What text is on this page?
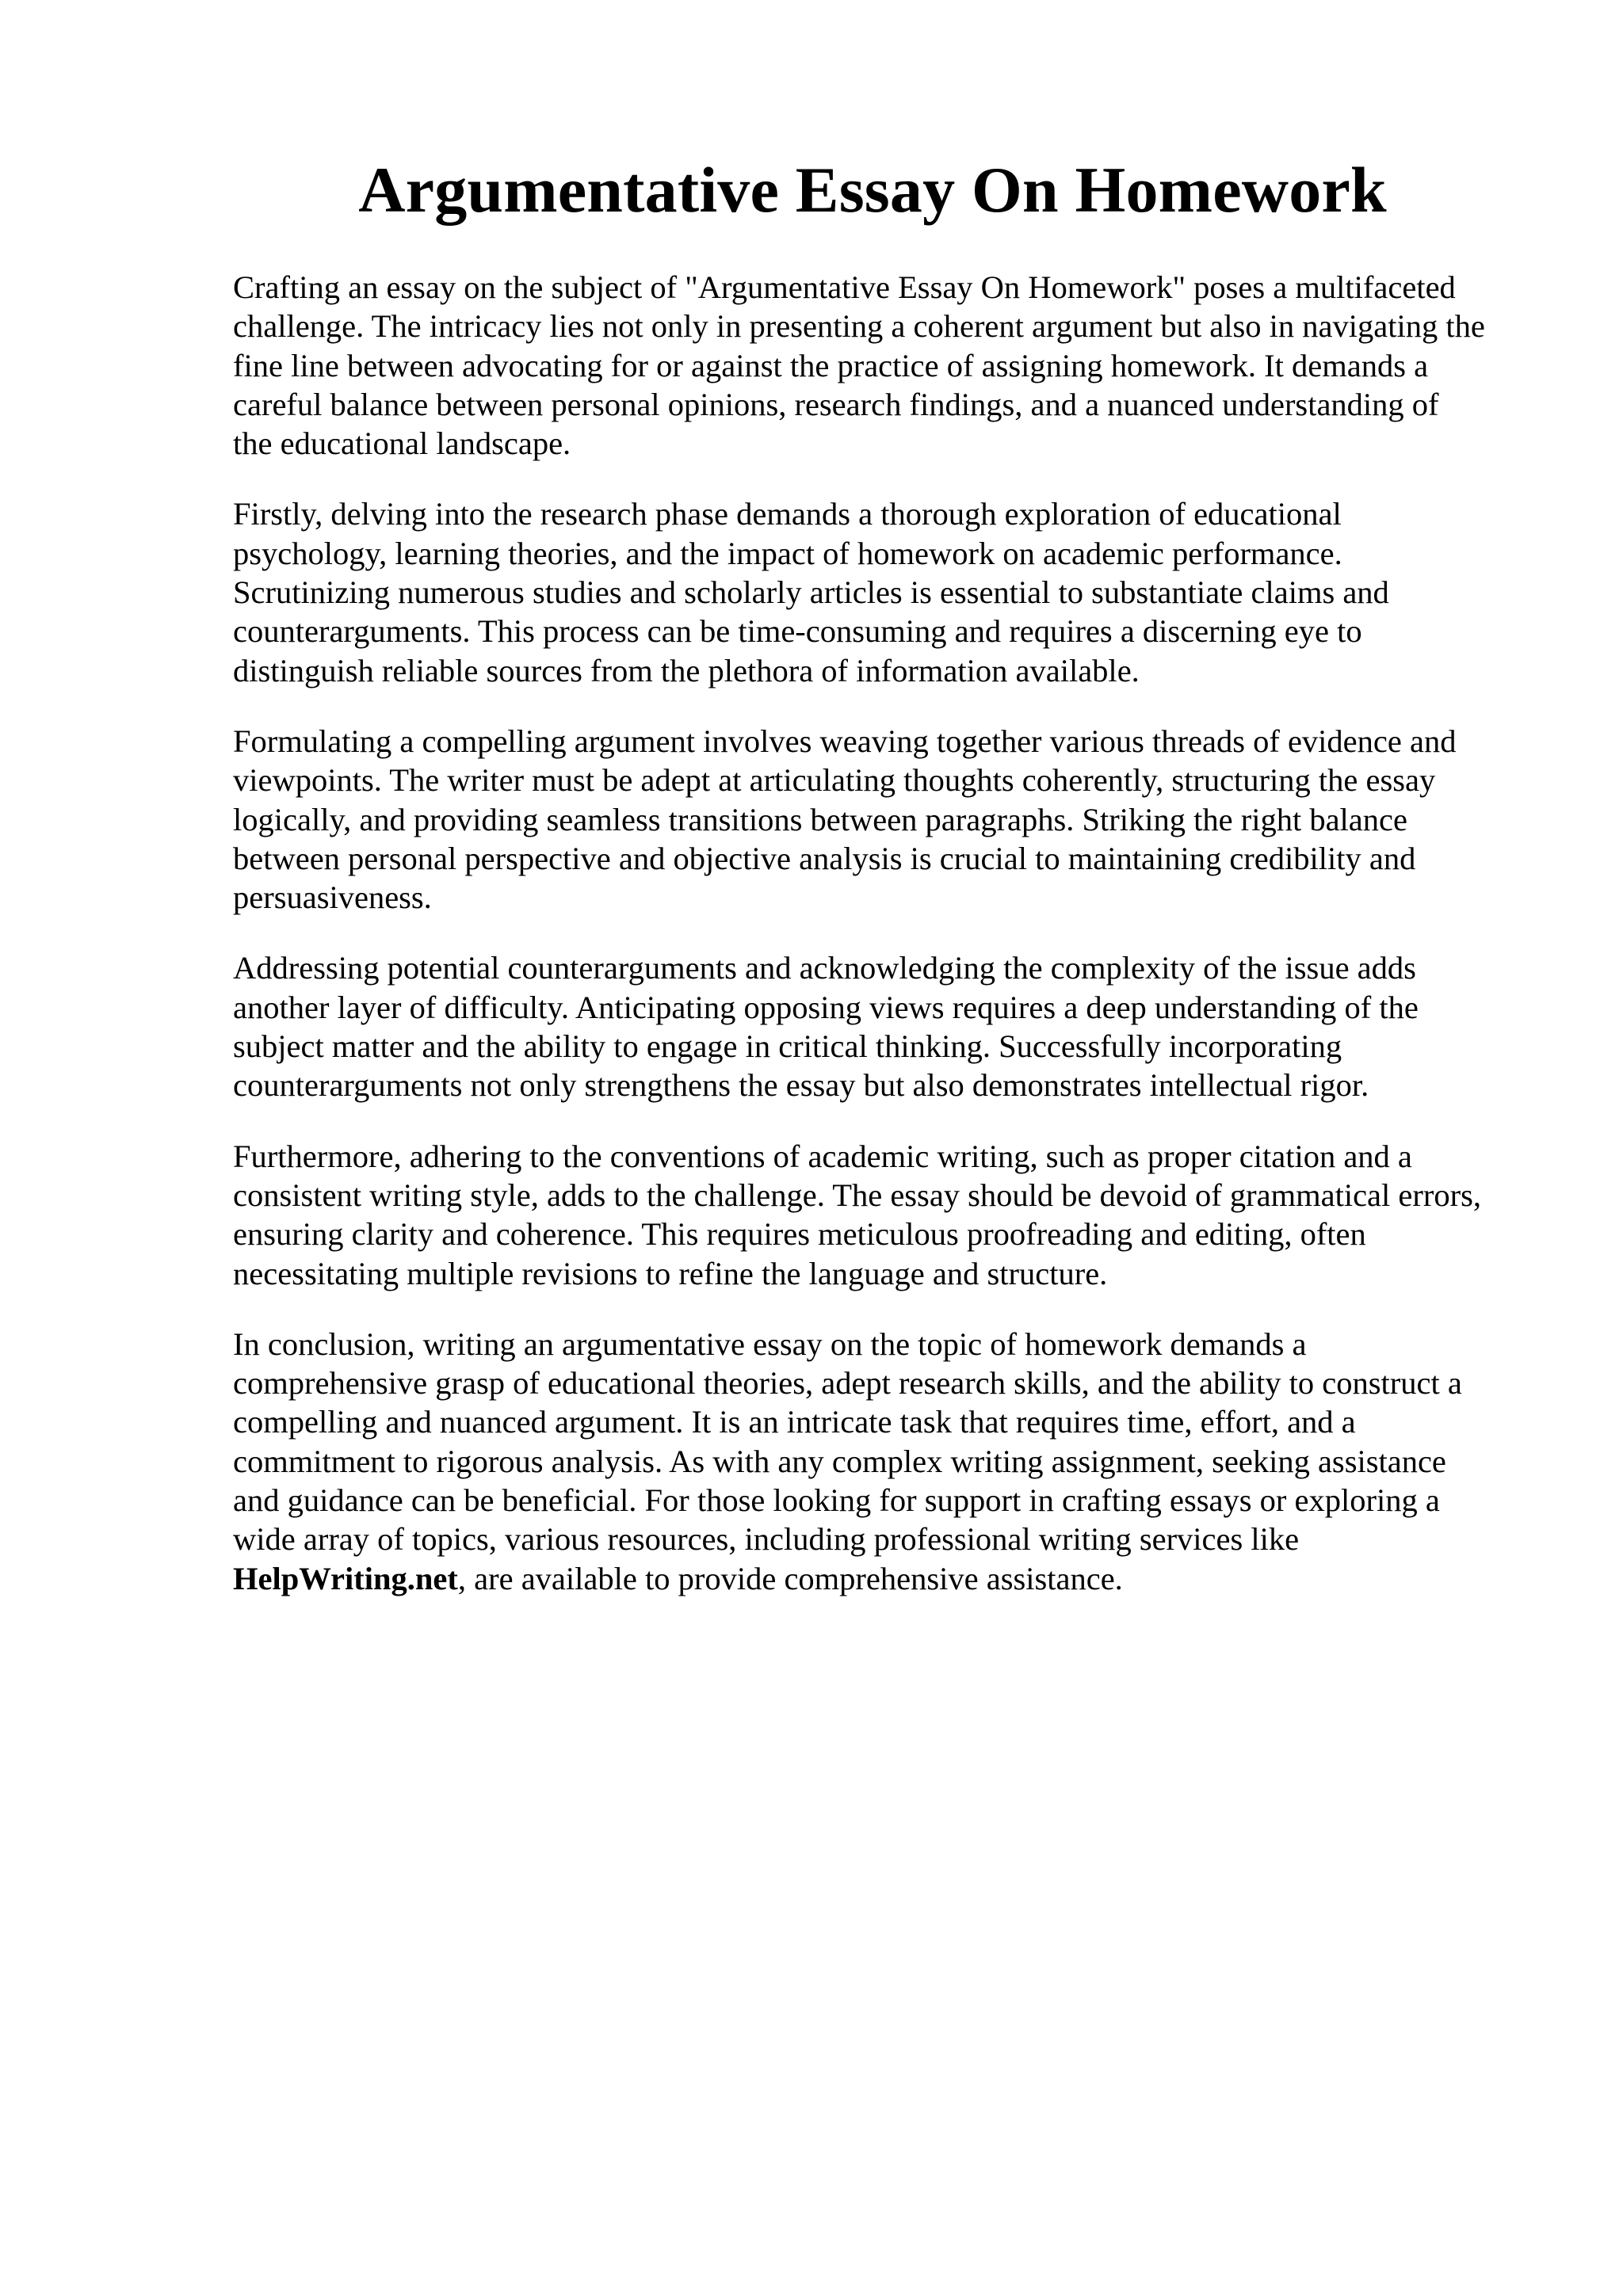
Argumentative Essay On Homework

Crafting an essay on the subject of "Argumentative Essay On Homework" poses a multifaceted
challenge. The intricacy lies not only in presenting a coherent argument but also in navigating the
fine line between advocating for or against the practice of assigning homework. It demands a
careful balance between personal opinions, research findings, and a nuanced understanding of
the educational landscape.

Firstly, delving into the research phase demands a thorough exploration of educational
psychology, learning theories, and the impact of homework on academic performance.
Scrutinizing numerous studies and scholarly articles is essential to substantiate claims and
counterarguments. This process can be time-consuming and requires a discerning eye to
distinguish reliable sources from the plethora of information available.

Formulating a compelling argument involves weaving together various threads of evidence and
viewpoints. The writer must be adept at articulating thoughts coherently, structuring the essay
logically, and providing seamless transitions between paragraphs. Striking the right balance
between personal perspective and objective analysis is crucial to maintaining credibility and
persuasiveness.

Addressing potential counterarguments and acknowledging the complexity of the issue adds
another layer of difficulty. Anticipating opposing views requires a deep understanding of the
subject matter and the ability to engage in critical thinking. Successfully incorporating
counterarguments not only strengthens the essay but also demonstrates intellectual rigor.

Furthermore, adhering to the conventions of academic writing, such as proper citation and a
consistent writing style, adds to the challenge. The essay should be devoid of grammatical errors,
ensuring clarity and coherence. This requires meticulous proofreading and editing, often
necessitating multiple revisions to refine the language and structure.

In conclusion, writing an argumentative essay on the topic of homework demands a
comprehensive grasp of educational theories, adept research skills, and the ability to construct a
compelling and nuanced argument. It is an intricate task that requires time, effort, and a
commitment to rigorous analysis. As with any complex writing assignment, seeking assistance
and guidance can be beneficial. For those looking for support in crafting essays or exploring a
wide array of topics, various resources, including professional writing services like
HelpWriting.net, are available to provide comprehensive assistance.
